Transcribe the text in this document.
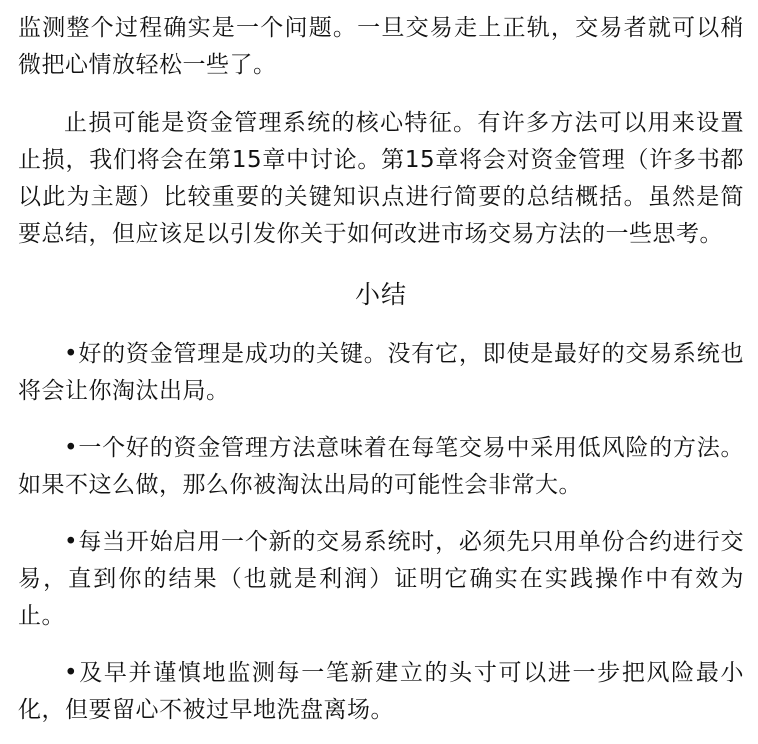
监测整个过程确实是一个问题。一旦交易走上正轨，交易者就可以稍微把心情放轻松一些了。

止损可能是资金管理系统的核心特征。有许多方法可以用来设置止损，我们将会在第15章中讨论。第15章将会对资金管理（许多书都以此为主题）比较重要的关键知识点进行简要的总结概括。虽然是简要总结，但应该足以引发你关于如何改进市场交易方法的一些思考。

小结

•好的资金管理是成功的关键。没有它，即使是最好的交易系统也将会让你淘汰出局。

•一个好的资金管理方法意味着在每笔交易中采用低风险的方法。如果不这么做，那么你被淘汰出局的可能性会非常大。

•每当开始启用一个新的交易系统时，必须先只用单份合约进行交易，直到你的结果（也就是利润）证明它确实在实践操作中有效为止。

•及早并谨慎地监测每一笔新建立的头寸可以进一步把风险最小化，但要留心不被过早地洗盘离场。
